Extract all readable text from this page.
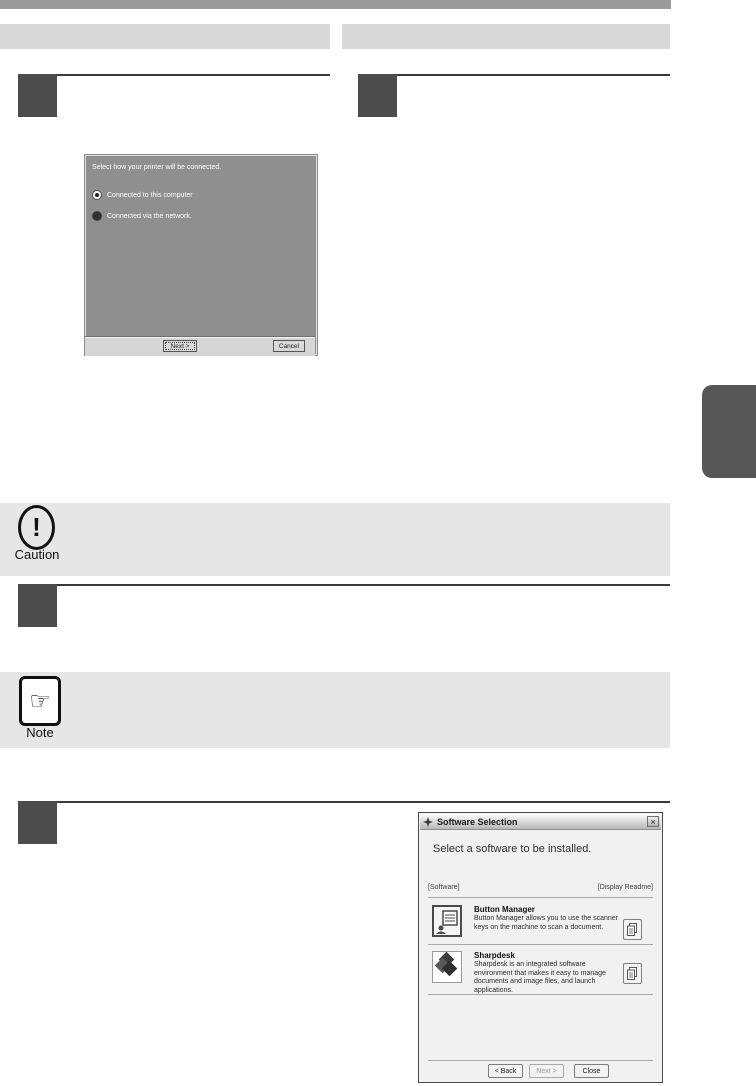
Select how your printer will be connected.
Connected to this computer
Connected via the network.
Next >	Cancel
!
Caution
☞
Note
Software Selection	×
Select a software to be installed.
[Software]	[Display Readme]
Button Manager
Button Manager allows you to use the scanner keys on the machine to scan a document.
Sharpdesk
Sharpdesk is an integrated software environment that makes it easy to manage documents and image files, and launch applications.
< Back	Next >	Close
